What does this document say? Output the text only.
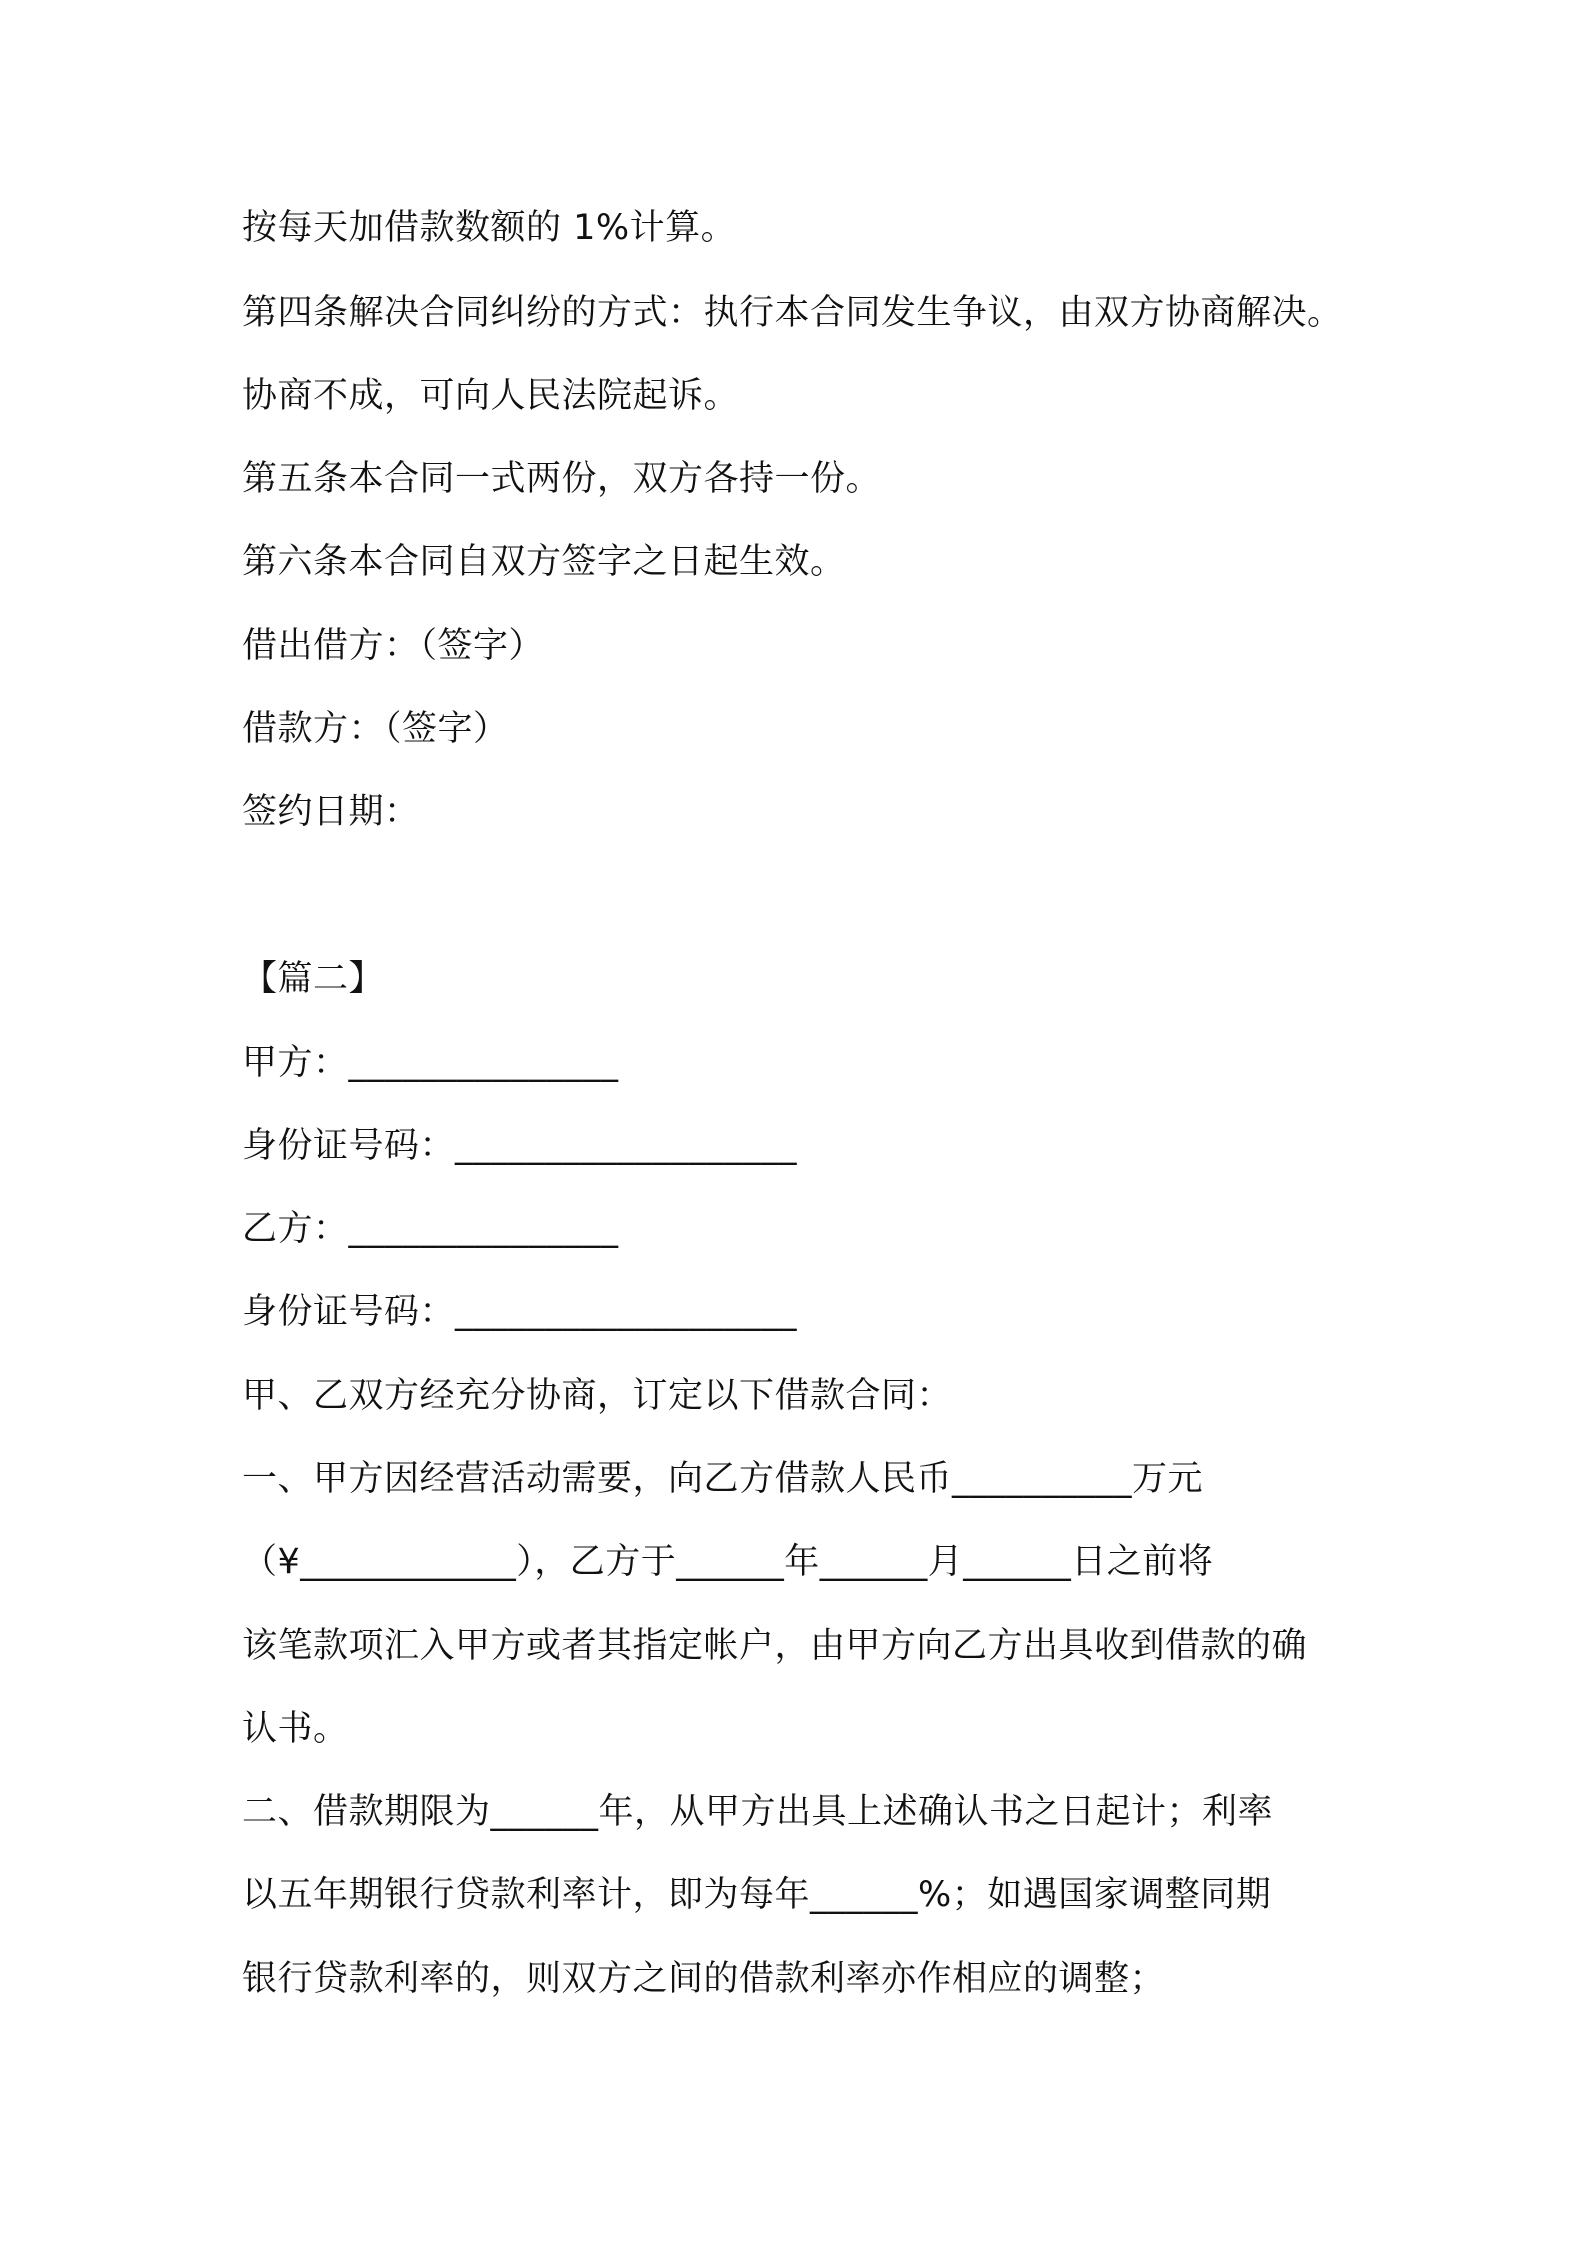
按每天加借款数额的 1%计算。
第四条解决合同纠纷的方式：执行本合同发生争议，由双方协商解决。
协商不成，可向人民法院起诉。
第五条本合同一式两份，双方各持一份。
第六条本合同自双方签字之日起生效。
借出借方：（签字）
借款方：（签字）
签约日期：
【篇二】
甲方：_______________
身份证号码：___________________
乙方：_______________
身份证号码：___________________
甲、乙双方经充分协商，订定以下借款合同：
一、甲方因经营活动需要，向乙方借款人民币__________万元
（¥____________），乙方于______年______月______日之前将
该笔款项汇入甲方或者其指定帐户，由甲方向乙方出具收到借款的确
认书。
二、借款期限为______年，从甲方出具上述确认书之日起计；利率
以五年期银行贷款利率计，即为每年______%；如遇国家调整同期
银行贷款利率的，则双方之间的借款利率亦作相应的调整；
